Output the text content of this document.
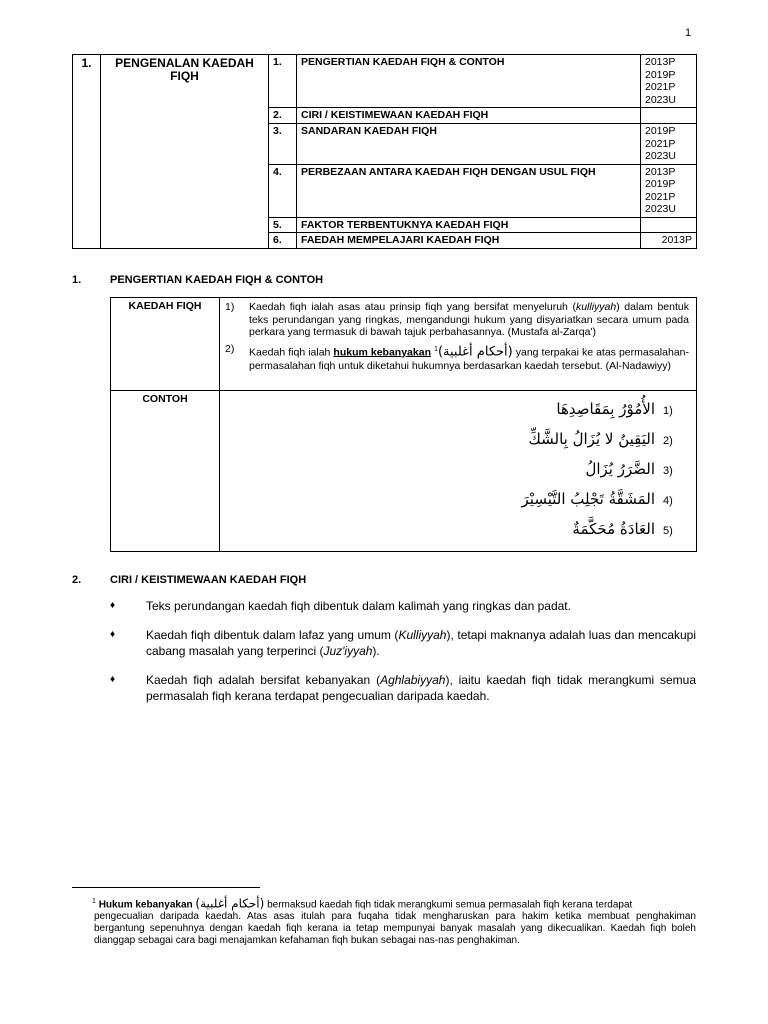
1
1.	PENGENALAN KAEDAH FIQH	1.	PENGERTIAN KAEDAH FIQH & CONTOH	2013P
2019P
2021P
2023U
		2.	CIRI / KEISTIMEWAAN KAEDAH FIQH	
		3.	SANDARAN KAEDAH FIQH	2019P
2021P
2023U
		4.	PERBEZAAN ANTARA KAEDAH FIQH DENGAN USUL FIQH	2013P
2019P
2021P
2023U
		5.	FAKTOR TERBENTUKNYA KAEDAH FIQH	
		6.	FAEDAH MEMPELAJARI KAEDAH FIQH	2013P
1.	PENGERTIAN KAEDAH FIQH & CONTOH
KAEDAH FIQH	1) Kaedah fiqh ialah asas atau prinsip fiqh yang bersifat menyeluruh (kulliyyah) dalam bentuk teks perundangan yang ringkas, mengandungi hukum yang disyariatkan secara umum pada perkara yang termasuk di bawah tajuk perbahasannya. (Mustafa al-Zarqa')
2) Kaedah fiqh ialah hukum kebanyakan $^1$(أحكام أغلبية) yang terpakai ke atas permasalahan-permasalahan fiqh untuk diketahui hukumnya berdasarkan kaedah tersebut. (Al-Nadawiyy)

CONTOH	الأُمُوْرُ بِمَقَاصِدِهَا 1)
اليَقِينُ لا يُزَالُ بِالشَّكِّ 2)
الضَّرَرُ يُزَالُ 3)
المَشَقَّةُ تَجْلِبُ التَّيْسِيْرَ 4)
العَادَةُ مُحَكَّمَةٌ 5)
2.	CIRI / KEISTIMEWAAN KAEDAH FIQH
♦	Teks perundangan kaedah fiqh dibentuk dalam kalimah yang ringkas dan padat.
♦	Kaedah fiqh dibentuk dalam lafaz yang umum (Kulliyyah), tetapi maknanya adalah luas dan mencakupi cabang masalah yang terperinci (Juz'iyyah).
♦	Kaedah fiqh adalah bersifat kebanyakan (Aghlabiyyah), iaitu kaedah fiqh tidak merangkumi semua permasalah fiqh kerana terdapat pengecualian daripada kaedah.
$^1$ Hukum kebanyakan (أحكام أغلبية) bermaksud kaedah fiqh tidak merangkumi semua permasalah fiqh kerana terdapat
pengecualian daripada kaedah. Atas asas itulah para fuqaha tidak mengharuskan para hakim ketika membuat penghakiman bergantung sepenuhnya dengan kaedah fiqh kerana ia tetap mempunyai banyak masalah yang dikecualikan. Kaedah fiqh boleh dianggap sebagai cara bagi menajamkan kefahaman fiqh bukan sebagai nas-nas penghakiman.
